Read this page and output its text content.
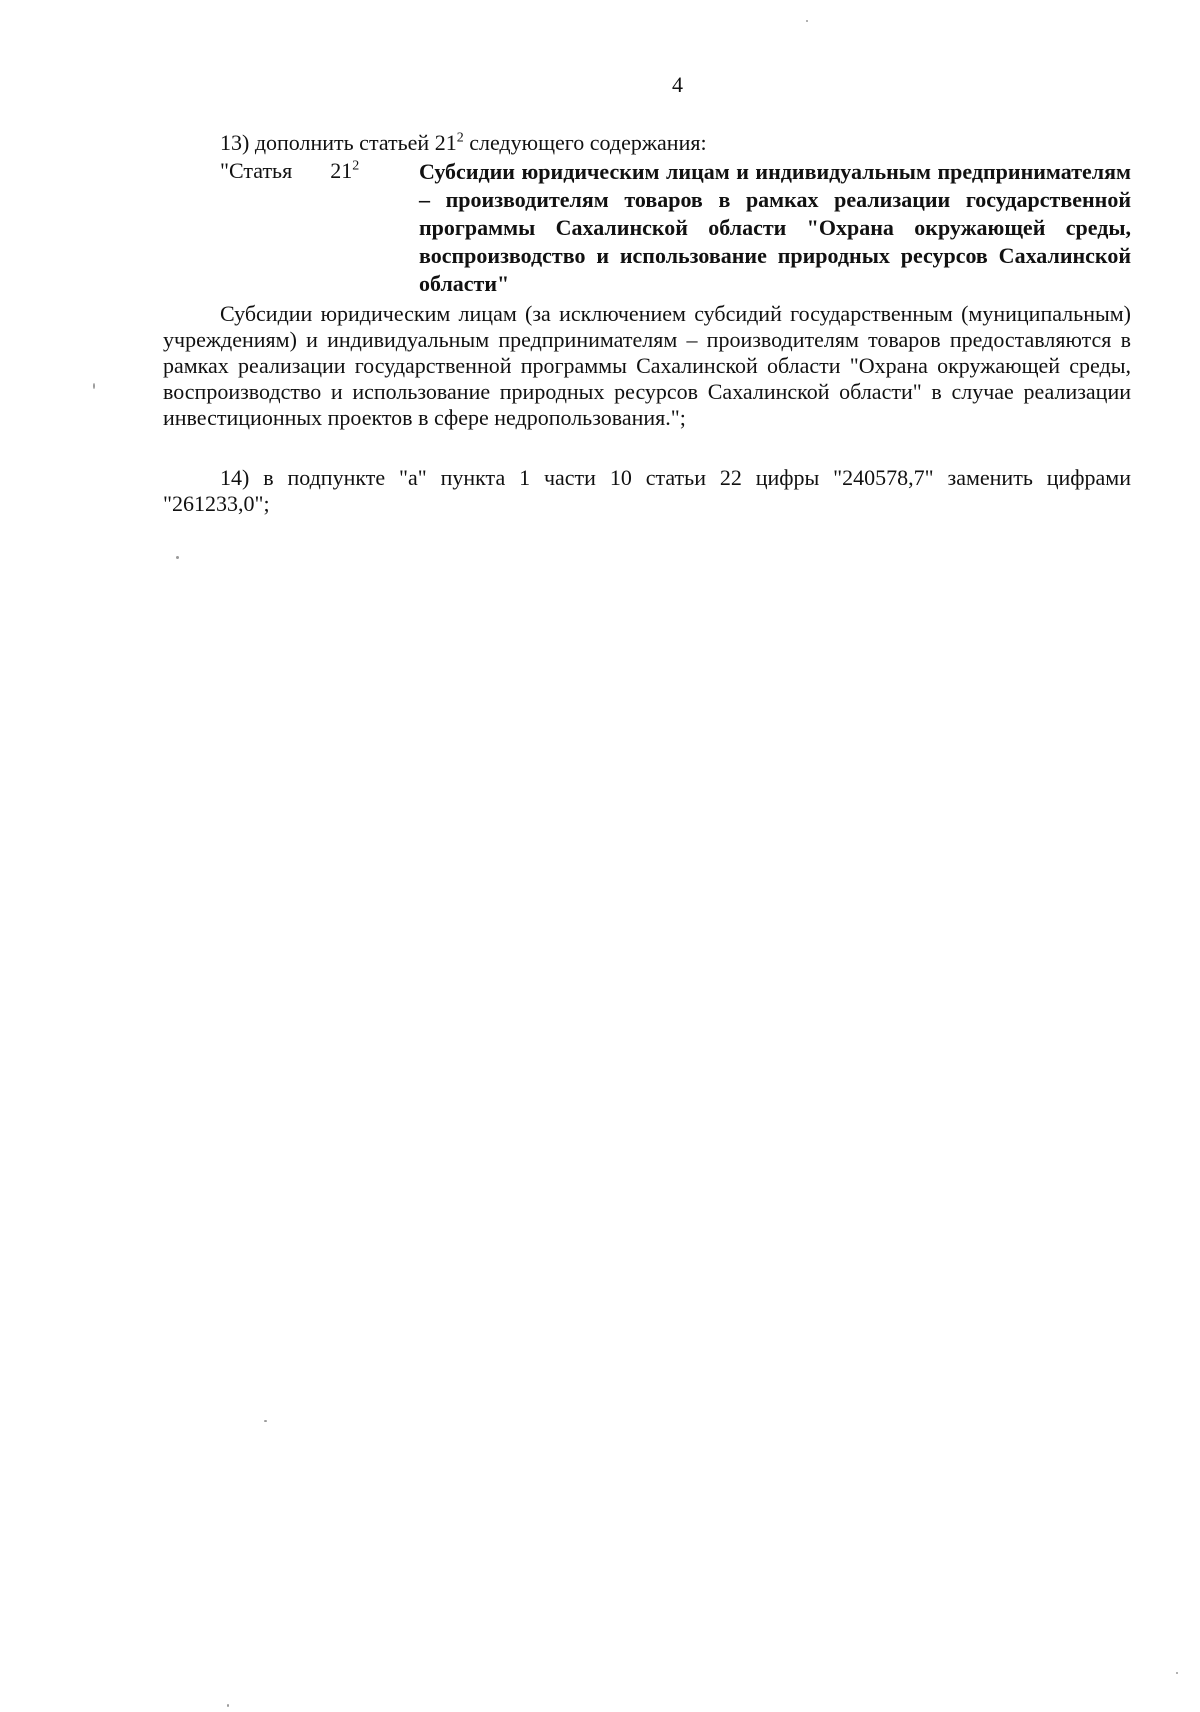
4
13) дополнить статьей $21^2$ следующего содержания:
"Статья $21^2$	Субсидии юридическим лицам и индивидуальным предпринимателям – производителям товаров в рамках реализации государственной программы Сахалинской области "Охрана окружающей среды, воспроизводство и использование природных ресурсов Сахалинской области"
Субсидии юридическим лицам (за исключением субсидий государственным (муниципальным) учреждениям) и индивидуальным предпринимателям – производителям товаров предоставляются в рамках реализации государственной программы Сахалинской области "Охрана окружающей среды, воспроизводство и использование природных ресурсов Сахалинской области" в случае реализации инвестиционных проектов в сфере недропользования.";
14) в подпункте "а" пункта 1 части 10 статьи 22 цифры "240578,7" заменить цифрами "261233,0";
